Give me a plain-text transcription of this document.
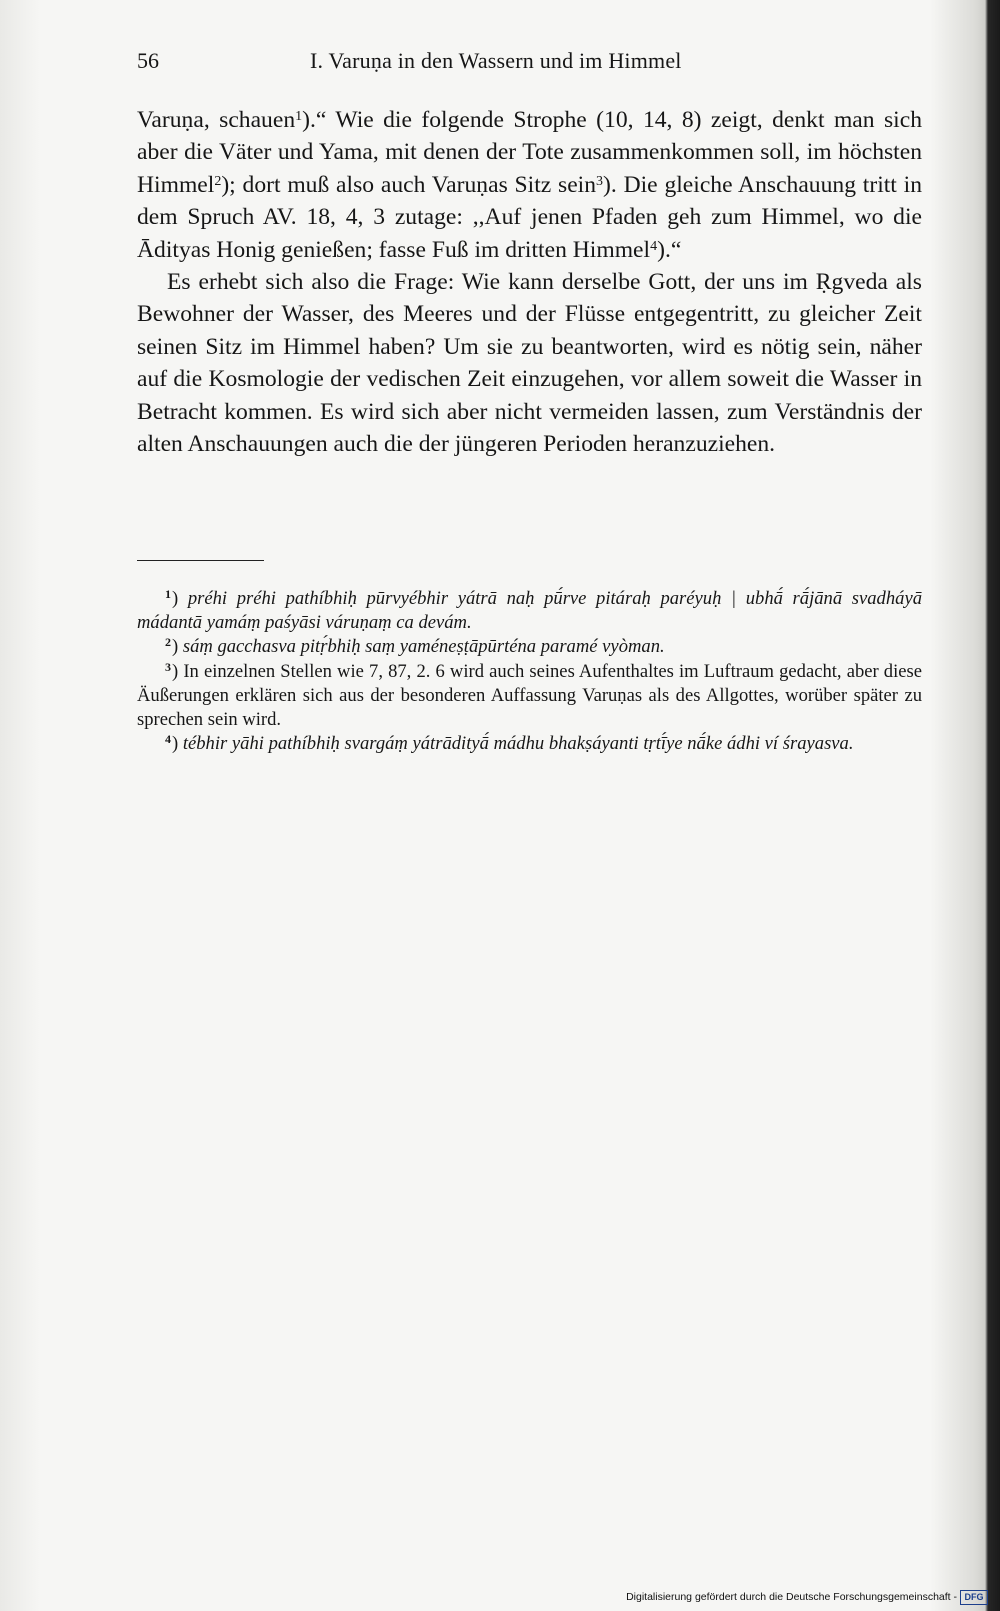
56	I. Varuṇa in den Wassern und im Himmel

Varuṇa, schauen$^1$).“ Wie die folgende Strophe (10, 14, 8) zeigt, denkt man sich aber die Väter und Yama, mit denen der Tote zusammenkommen soll, im höchsten Himmel$^2$); dort muß also auch Varuṇas Sitz sein$^3$). Die gleiche Anschauung tritt in dem Spruch AV. 18, 4, 3 zutage: ,,Auf jenen Pfaden geh zum Himmel, wo die Ādityas Honig genießen; fasse Fuß im dritten Himmel$^4$).“

Es erhebt sich also die Frage: Wie kann derselbe Gott, der uns im Ṛgveda als Bewohner der Wasser, des Meeres und der Flüsse entgegentritt, zu gleicher Zeit seinen Sitz im Himmel haben? Um sie zu beantworten, wird es nötig sein, näher auf die Kosmologie der vedischen Zeit einzugehen, vor allem soweit die Wasser in Betracht kommen. Es wird sich aber nicht vermeiden lassen, zum Verständnis der alten Anschauungen auch die der jüngeren Perioden heranzuziehen.

$^1$) préhi préhi pathíbhiḥ pūrvyébhir yátrā naḥ pū́rve pitáraḥ paréyuḥ | ubhā́ rā́jānā svadháyā mádantā yamáṃ paśyāsi váruṇaṃ ca devám.

$^2$) sáṃ gacchasva pitṛ́bhiḥ saṃ yaméneṣṭāpūrténa paramé vyòman.

$^3$) In einzelnen Stellen wie 7, 87, 2. 6 wird auch seines Aufenthaltes im Luftraum gedacht, aber diese Äußerungen erklären sich aus der besonderen Auffassung Varuṇas als des Allgottes, worüber später zu sprechen sein wird.

$^4$) tébhir yāhi pathíbhiḥ svargáṃ yátrādityā́ mádhu bhakṣáyanti tṛtī́ye nā́ke ádhi ví śrayasva.

Digitalisierung gefördert durch die Deutsche Forschungsgemeinschaft - DFG
